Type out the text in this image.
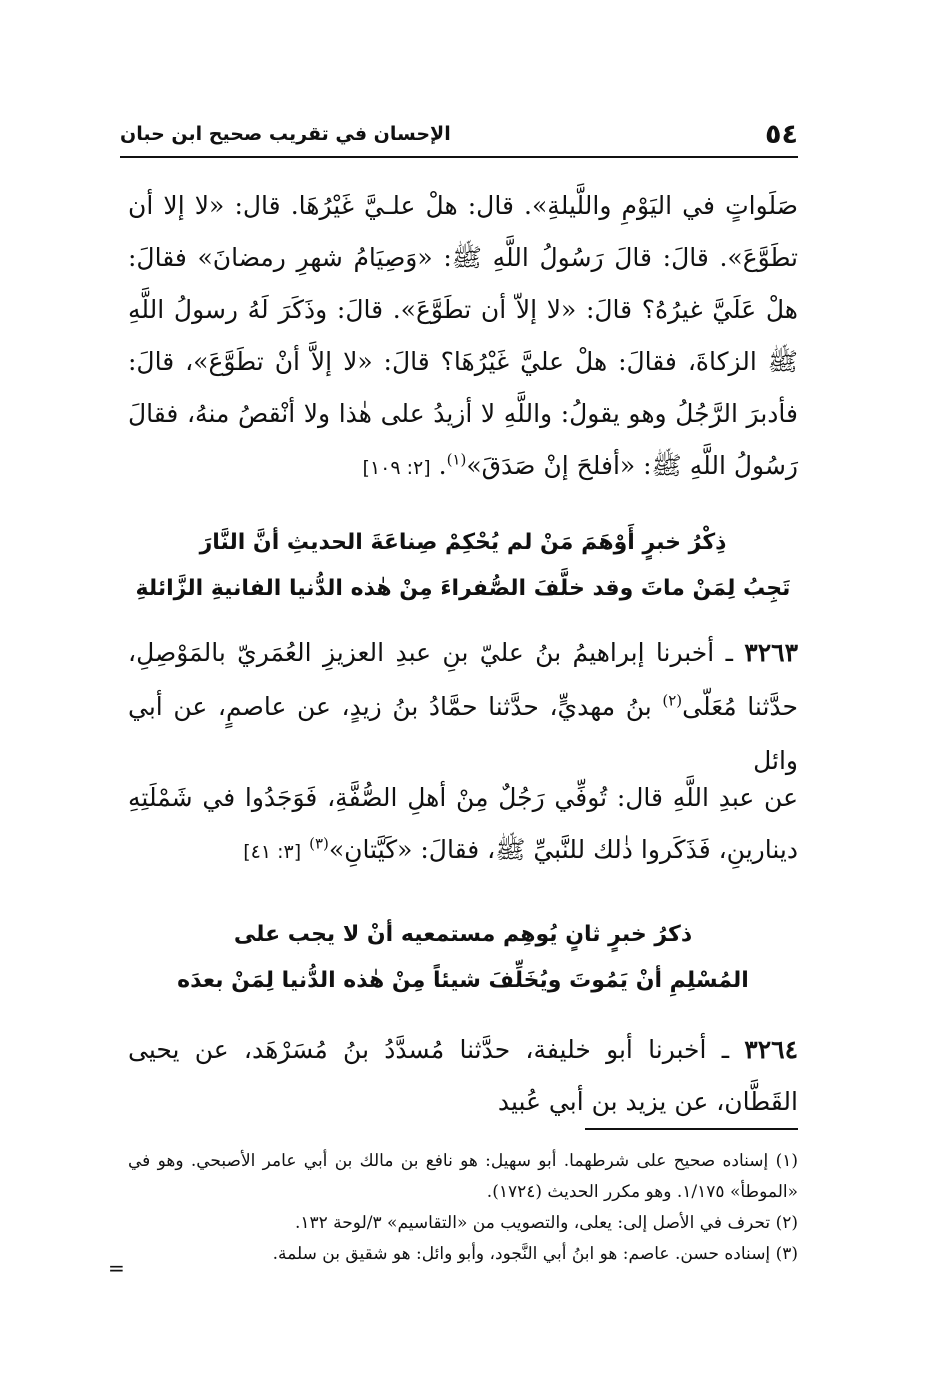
٥٤
الإحسان في تقريب صحيح ابن حبان
صَلَواتٍ في اليَوْمِ واللَّيلةِ». قال: هلْ علـيَّ غَيْرُهَا. قال: «لا إلا أن تطَوَّعَ». قالَ: قالَ رَسُولُ اللَّهِ ﷺ: «وَصِيَامُ شهرِ رمضانَ» فقالَ: هلْ عَلَيَّ غيرُهُ؟ قالَ: «لا إلاّ أن تطَوَّعَ». قالَ: وذَكَرَ لَهُ رسولُ اللَّهِ ﷺ الزكاةَ، فقالَ: هلْ عليَّ غَيْرُهَا؟ قالَ: «لا إلاَّ أنْ تطَوَّعَ»، قالَ: فأدبرَ الرَّجُلُ وهو يقولُ: واللَّهِ لا أزيدُ على هٰذا ولا أنْقصُ منهُ، فقالَ رَسُولُ اللَّهِ ﷺ: «أفلحَ إنْ صَدَقَ»$^{(١)}$. [٢: ١٠٩]
ذِكْرُ خبرٍ أَوْهَمَ مَنْ لم يُحْكِمْ صِناعَةَ الحديثِ أنَّ النَّارَ
تَجِبُ لِمَنْ ماتَ وقد خلَّفَ الصُّفراءَ مِنْ هٰذه الدُّنيا الفانيةِ الزَّائلةِ
٣٢٦٣ ـ أخبرنا إبراهيمُ بنُ عليّ بنِ عبدِ العزيزِ العُمَريّ بالمَوْصِلِ، حدَّثنا مُعَلّى$^{(٢)}$ بنُ مهديٍّ، حدَّثنا حمَّادُ بنُ زيدٍ، عن عاصمٍ، عن أبي وائل
عن عبدِ اللَّهِ قال: تُوفِّي رَجُلٌ مِنْ أهلِ الصُّفَّةِ، فَوَجَدُوا في شَمْلَتِهِ دينارينِ، فَذَكَروا ذٰلك للنَّبيِّ ﷺ، فقالَ: «كَيَّتانِ»$^{(٣)}$ [٣: ٤١]
ذكرُ خبرٍ ثانٍ يُوهِم مستمعيه أنْ لا يجب على
المُسْلِمِ أنْ يَمُوتَ ويُخَلِّفَ شيئاً مِنْ هٰذه الدُّنيا لِمَنْ بعدَه
٣٢٦٤ ـ أخبرنا أبو خليفة، حدَّثنا مُسدَّدُ بنُ مُسَرْهَد، عن يحيى القَطَّان، عن يزيد بن أبي عُبيد

(١) إسناده صحيح على شرطهما. أبو سهيل: هو نافع بن مالك بن أبي عامر الأصبحي. وهو في «الموطأ» ١/١٧٥. وهو مكرر الحديث (١٧٢٤).

(٢) تحرف في الأصل إلى: يعلى، والتصويب من «التقاسيم» ٣/لوحة ١٣٢.

(٣) إسناده حسن. عاصم: هو ابنُ أبي النَّجود، وأبو وائل: هو شقيق بن سلمة.

=
